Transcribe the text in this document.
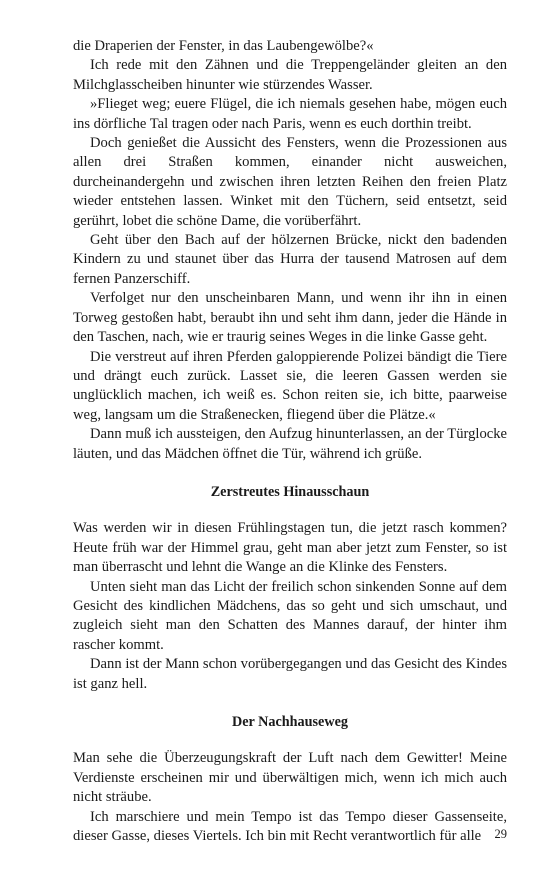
die Draperien der Fenster, in das Laubengewölbe?«

Ich rede mit den Zähnen und die Treppengeländer gleiten an den Milchglasscheiben hinunter wie stürzendes Wasser.

»Flieget weg; euere Flügel, die ich niemals gesehen habe, mögen euch ins dörfliche Tal tragen oder nach Paris, wenn es euch dorthin treibt.

Doch genießet die Aussicht des Fensters, wenn die Prozessionen aus allen drei Straßen kommen, einander nicht ausweichen, durcheinandergehn und zwischen ihren letzten Reihen den freien Platz wieder entstehen lassen. Winket mit den Tüchern, seid entsetzt, seid gerührt, lobet die schöne Dame, die vorüberfährt.

Geht über den Bach auf der hölzernen Brücke, nickt den badenden Kindern zu und staunet über das Hurra der tausend Matrosen auf dem fernen Panzerschiff.

Verfolget nur den unscheinbaren Mann, und wenn ihr ihn in einen Torweg gestoßen habt, beraubt ihn und seht ihm dann, jeder die Hände in den Taschen, nach, wie er traurig seines Weges in die linke Gasse geht.

Die verstreut auf ihren Pferden galoppierende Polizei bändigt die Tiere und drängt euch zurück. Lasset sie, die leeren Gassen werden sie unglücklich machen, ich weiß es. Schon reiten sie, ich bitte, paarweise weg, langsam um die Straßenecken, fliegend über die Plätze.«

Dann muß ich aussteigen, den Aufzug hinunterlassen, an der Türglocke läuten, und das Mädchen öffnet die Tür, während ich grüße.

Zerstreutes Hinausschaun

Was werden wir in diesen Frühlingstagen tun, die jetzt rasch kommen? Heute früh war der Himmel grau, geht man aber jetzt zum Fenster, so ist man überrascht und lehnt die Wange an die Klinke des Fensters.

Unten sieht man das Licht der freilich schon sinkenden Sonne auf dem Gesicht des kindlichen Mädchens, das so geht und sich umschaut, und zugleich sieht man den Schatten des Mannes darauf, der hinter ihm rascher kommt.

Dann ist der Mann schon vorübergegangen und das Gesicht des Kindes ist ganz hell.

Der Nachhauseweg

Man sehe die Überzeugungskraft der Luft nach dem Gewitter! Meine Verdienste erscheinen mir und überwältigen mich, wenn ich mich auch nicht sträube.

Ich marschiere und mein Tempo ist das Tempo dieser Gassenseite, dieser Gasse, dieses Viertels. Ich bin mit Recht verantwortlich für alle	29
